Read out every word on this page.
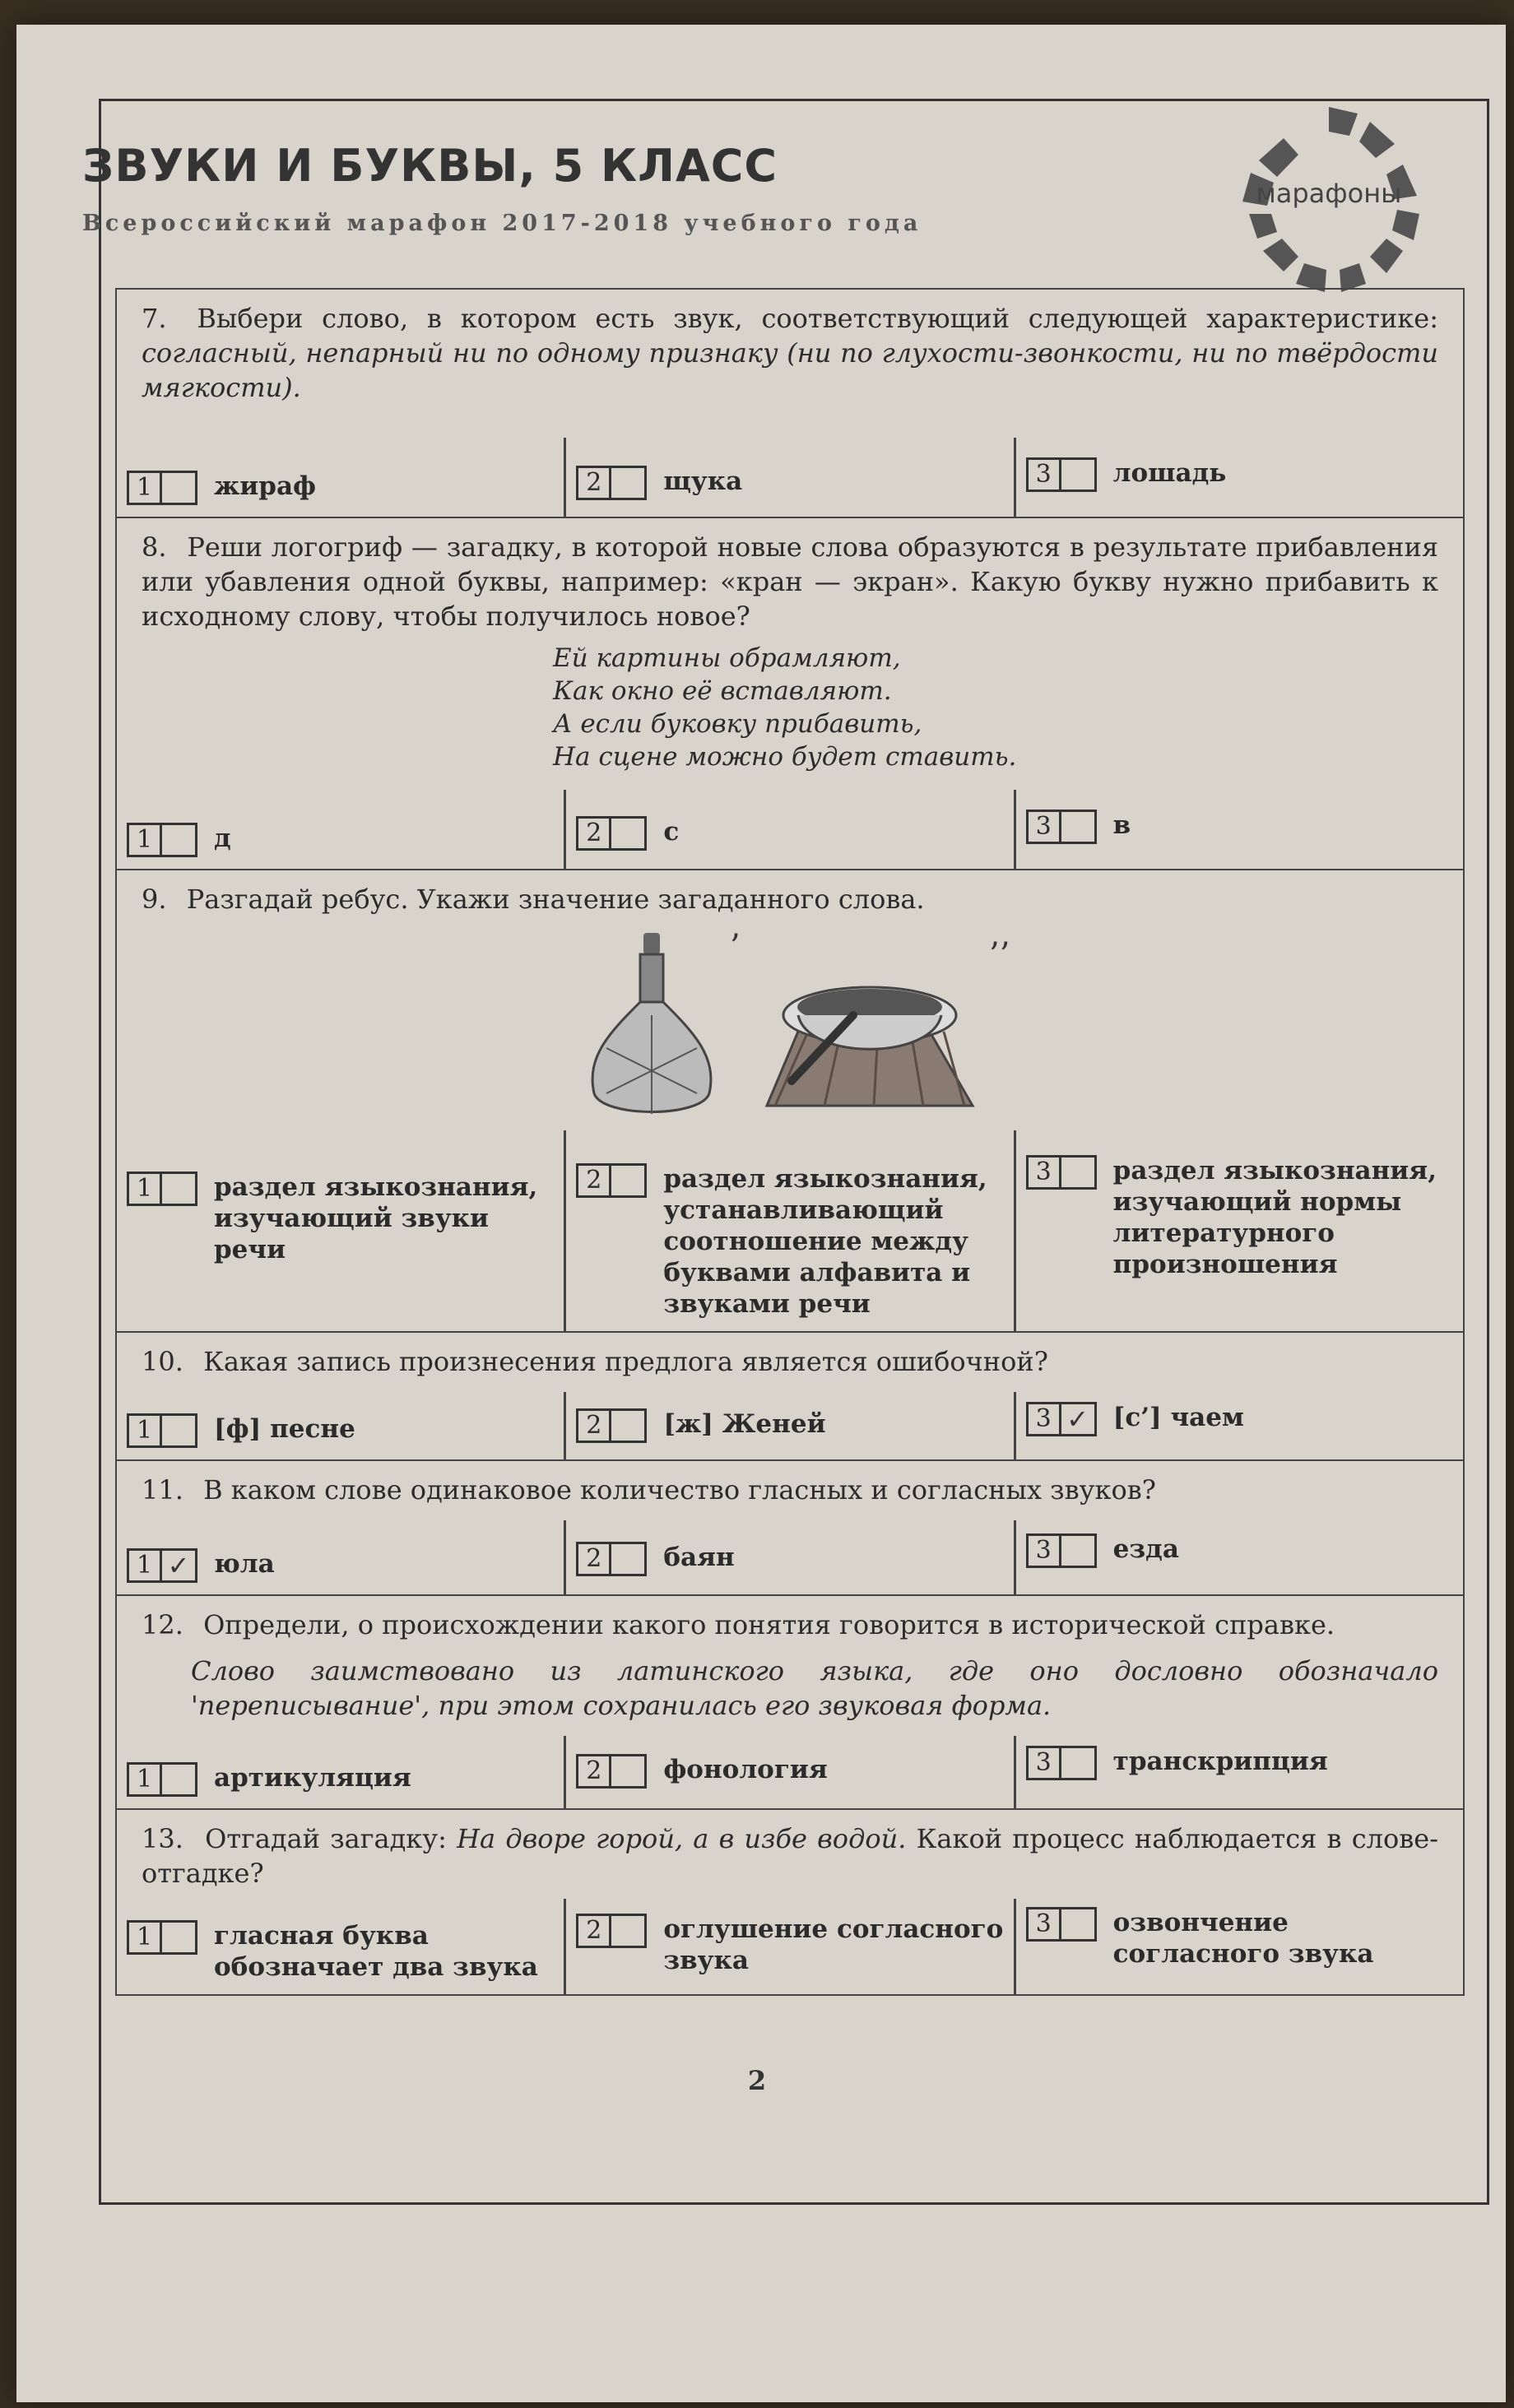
ЗВУКИ И БУКВЫ, 5 КЛАСС
Всероссийский марафон 2017-2018 учебного года
марафоны
7. Выбери слово, в котором есть звук, соответствующий следующей характеристике: согласный, непарный ни по одному признаку (ни по глухости-звонкости, ни по твёрдости мягкости).
1	жираф	2	щука	3	лошадь
8. Реши логогриф — загадку, в которой новые слова образуются в результате прибавления или убавления одной буквы, например: «кран — экран». Какую букву нужно прибавить к исходному слову, чтобы получилось новое?
Ей картины обрамляют,
Как окно её вставляют.
А если буковку прибавить,
На сцене можно будет ставить.
1	д	2	с	3	в
9. Разгадай ребус. Укажи значение загаданного слова.
’	’’
1	раздел языкознания, изучающий звуки речи
2	раздел языкознания, устанавливающий соотношение между буквами алфавита и звуками речи
3	раздел языкознания, изучающий нормы литературного произношения
10. Какая запись произнесения предлога является ошибочной?
1	[ф] песне	2	[ж] Женей	3 ✓ [с’] чаем
11. В каком слове одинаковое количество гласных и согласных звуков?
1 ✓ юла	2	баян	3	езда
12. Определи, о происхождении какого понятия говорится в исторической справке.
Слово заимствовано из латинского языка, где оно дословно обозначало 'переписывание', при этом сохранилась его звуковая форма.
1	артикуляция	2	фонология	3	транскрипция
13. Отгадай загадку: На дворе горой, а в избе водой. Какой процесс наблюдается в слове-отгадке?
1	гласная буква обозначает два звука
2	оглушение согласного звука
3	озвончение согласного звука
2
